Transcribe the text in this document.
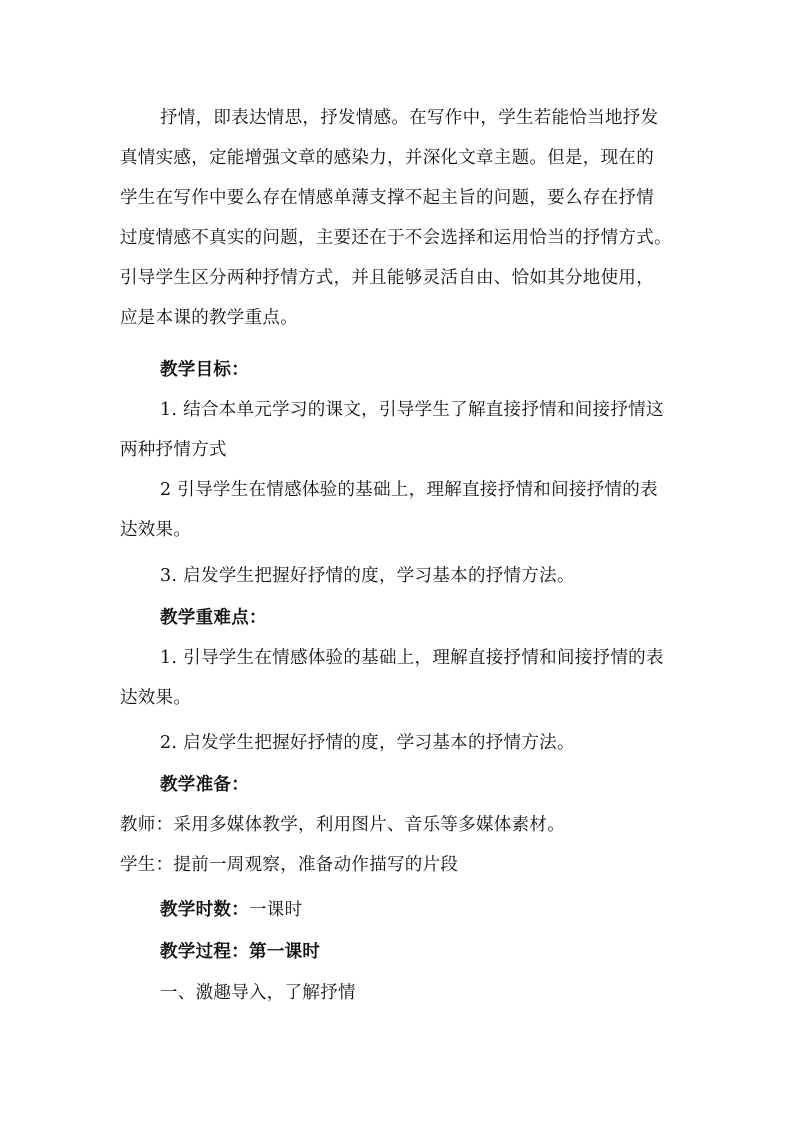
抒情，即表达情思，抒发情感。在写作中，学生若能恰当地抒发
真情实感，定能增强文章的感染力，并深化文章主题。但是，现在的
学生在写作中要么存在情感单薄支撑不起主旨的问题，要么存在抒情
过度情感不真实的问题，主要还在于不会选择和运用恰当的抒情方式。
引导学生区分两种抒情方式，并且能够灵活自由、恰如其分地使用，
应是本课的教学重点。
教学目标：
1. 结合本单元学习的课文，引导学生了解直接抒情和间接抒情这
两种抒情方式
2 引导学生在情感体验的基础上，理解直接抒情和间接抒情的表
达效果。
3. 启发学生把握好抒情的度，学习基本的抒情方法。
教学重难点：
1. 引导学生在情感体验的基础上，理解直接抒情和间接抒情的表
达效果。
2. 启发学生把握好抒情的度，学习基本的抒情方法。
教学准备：
教师：采用多媒体教学，利用图片、音乐等多媒体素材。
学生：提前一周观察，准备动作描写的片段
教学时数：一课时
教学过程：第一课时
一、激趣导入，了解抒情
